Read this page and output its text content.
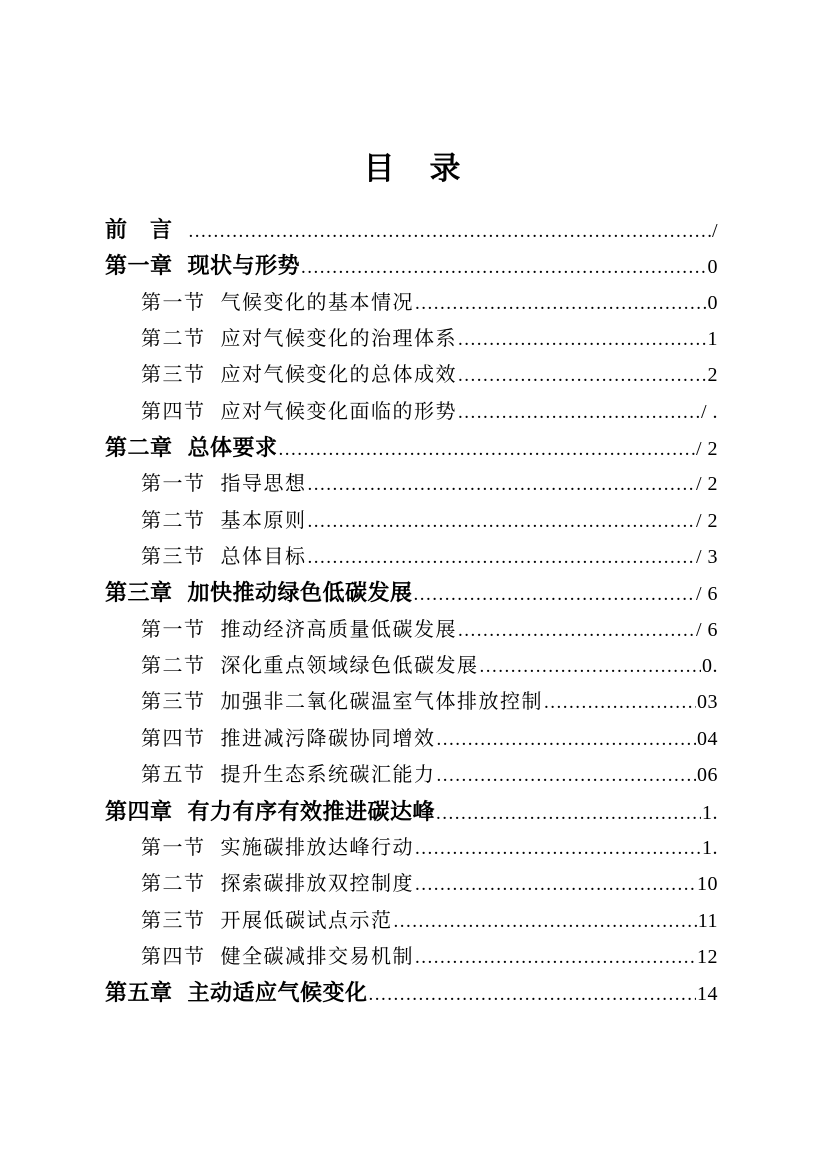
目　录
前　言 .....	/
第一章 现状与形势 .....	0
第一节 气候变化的基本情况 .....	0
第二节 应对气候变化的治理体系 .....	1
第三节 应对气候变化的总体成效 .....	2
第四节 应对气候变化面临的形势 .....	/ .
第二章 总体要求 .....	/ 2
第一节 指导思想 .....	/ 2
第二节 基本原则 .....	/ 2
第三节 总体目标 .....	/ 3
第三章 加快推动绿色低碳发展 .....	/ 6
第一节 推动经济高质量低碳发展 .....	/ 6
第二节 深化重点领域绿色低碳发展 .....	0.
第三节 加强非二氧化碳温室气体排放控制 .....	03
第四节 推进减污降碳协同增效 .....	04
第五节 提升生态系统碳汇能力 .....	06
第四章 有力有序有效推进碳达峰 .....	1.
第一节 实施碳排放达峰行动 .....	1.
第二节 探索碳排放双控制度 .....	10
第三节 开展低碳试点示范 .....	11
第四节 健全碳减排交易机制 .....	12
第五章 主动适应气候变化 .....	14
